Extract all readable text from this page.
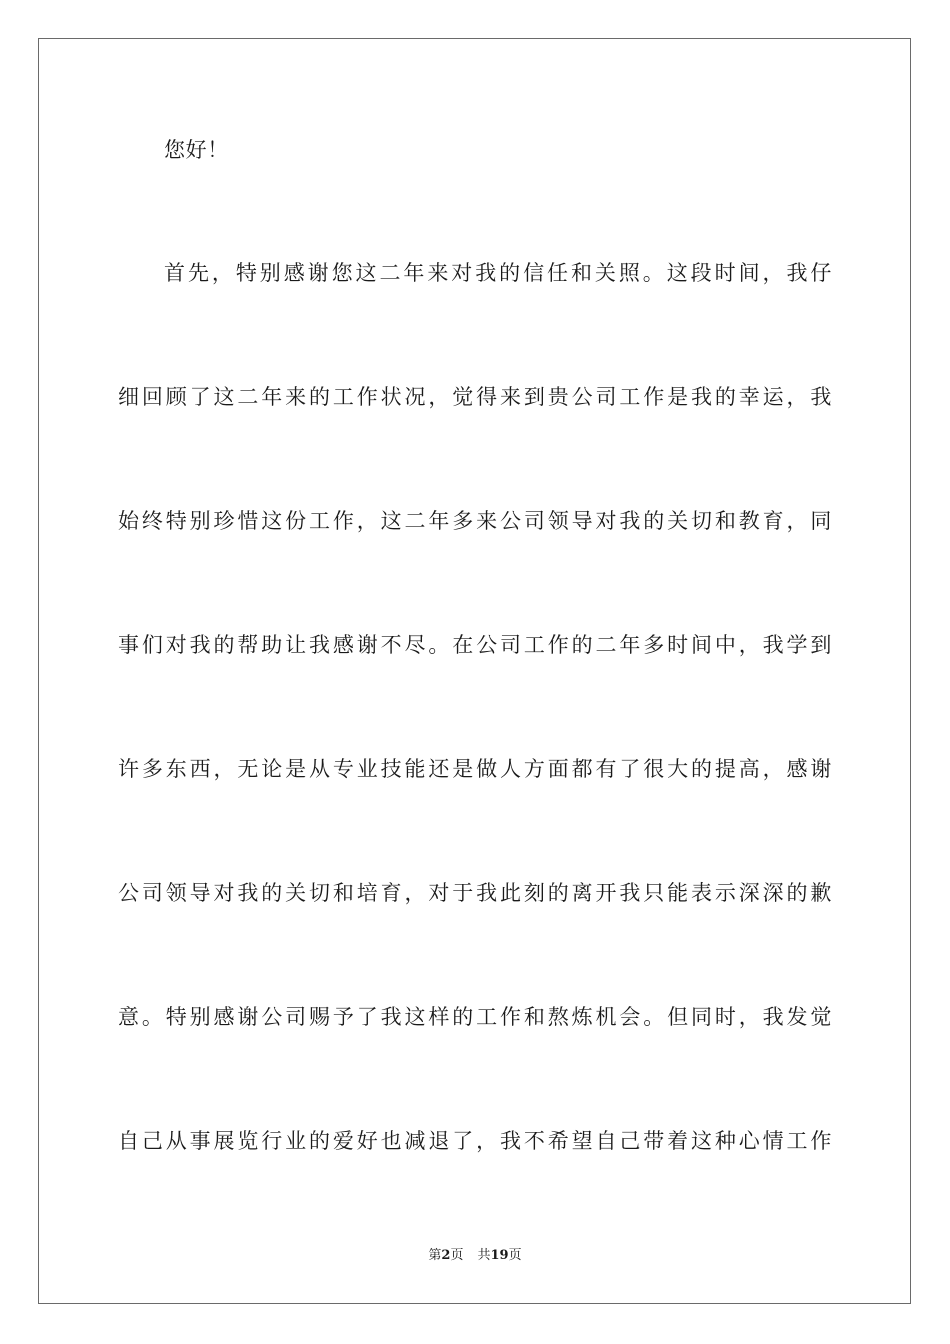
您好！

首先，特别感谢您这二年来对我的信任和关照。这段时间，我仔

细回顾了这二年来的工作状况，觉得来到贵公司工作是我的幸运，我

始终特别珍惜这份工作，这二年多来公司领导对我的关切和教育，同

事们对我的帮助让我感谢不尽。在公司工作的二年多时间中，我学到

许多东西，无论是从专业技能还是做人方面都有了很大的提高，感谢

公司领导对我的关切和培育，对于我此刻的离开我只能表示深深的歉

意。特别感谢公司赐予了我这样的工作和熬炼机会。但同时，我发觉

自己从事展览行业的爱好也减退了，我不希望自己带着这种心情工作

第2页 共19页
